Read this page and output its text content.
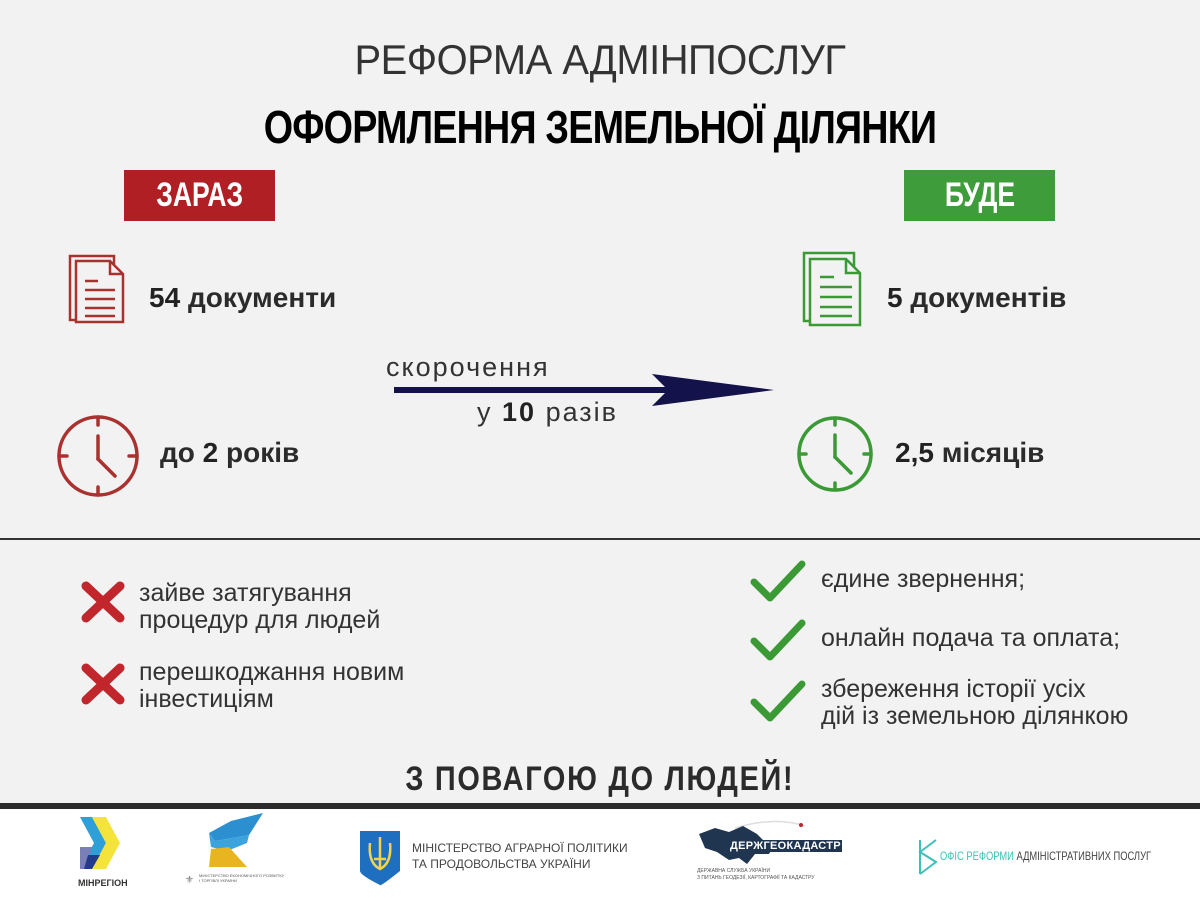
РЕФОРМА АДМІНПОСЛУГ
ОФОРМЛЕННЯ ЗЕМЕЛЬНОЇ ДІЛЯНКИ
ЗАРАЗ	БУДЕ
54 документи
до 2 років
скорочення
у 10 разів
5 документів
2,5 місяців
зайве затягування
процедур для людей
перешкоджання новим
інвестиціям
єдине звернення;
онлайн подача та оплата;
збереження історії усіх
дій із земельною ділянкою
З ПОВАГОЮ ДО ЛЮДЕЙ!
МІНРЕГІОН	⚜ МІНІСТЕРСТВО ЕКОНОМІЧНОГО РОЗВИТКУ І ТОРГІВЛІ УКРАЇНИ
МІНІСТЕРСТВО АГРАРНОЇ ПОЛІТИКИ
ТА ПРОДОВОЛЬСТВА УКРАЇНИ
ДЕРЖГЕОКАДАСТР
ДЕРЖАВНА СЛУЖБА УКРАЇНИ
З ПИТАНЬ ГЕОДЕЗІЇ, КАРТОГРАФІЇ ТА КАДАСТРУ
ОФІС РЕФОРМИ АДМІНІСТРАТИВНИХ ПОСЛУГ
